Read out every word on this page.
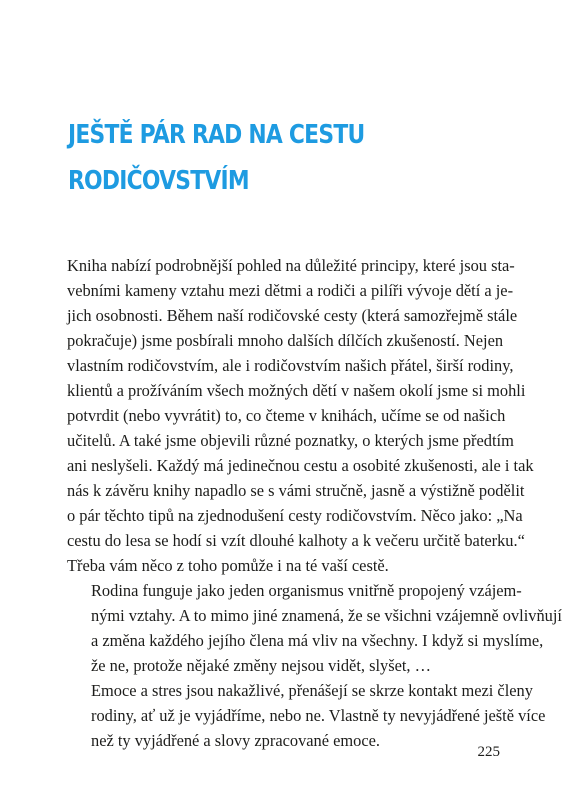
JEŠTĚ PÁR RAD NA CESTU
RODIČOVSTVÍM

Kniha nabízí podrobnější pohled na důležité principy, které jsou sta-
vebními kameny vztahu mezi dětmi a rodiči a pilíři vývoje dětí a je-
jich osobnosti. Během naší rodičovské cesty (která samozřejmě stále
pokračuje) jsme posbírali mnoho dalších dílčích zkušeností. Nejen
vlastním rodičovstvím, ale i rodičovstvím našich přátel, širší rodiny,
klientů a prožíváním všech možných dětí v našem okolí jsme si mohli
potvrdit (nebo vyvrátit) to, co čteme v knihách, učíme se od našich
učitelů. A také jsme objevili různé poznatky, o kterých jsme předtím
ani neslyšeli. Každý má jedinečnou cestu a osobité zkušenosti, ale i tak
nás k závěru knihy napadlo se s vámi stručně, jasně a výstižně podělit
o pár těchto tipů na zjednodušení cesty rodičovstvím. Něco jako: „Na
cestu do lesa se hodí si vzít dlouhé kalhoty a k večeru určitě baterku.“
Třeba vám něco z toho pomůže i na té vaší cestě.

Rodina funguje jako jeden organismus vnitřně propojený vzájem-
nými vztahy. A to mimo jiné znamená, že se všichni vzájemně ovlivňují
a změna každého jejího člena má vliv na všechny. I když si myslíme,
že ne, protože nějaké změny nejsou vidět, slyšet, …

Emoce a stres jsou nakažlivé, přenášejí se skrze kontakt mezi členy
rodiny, ať už je vyjádříme, nebo ne. Vlastně ty nevyjádřené ještě více
než ty vyjádřené a slovy zpracované emoce.

225
